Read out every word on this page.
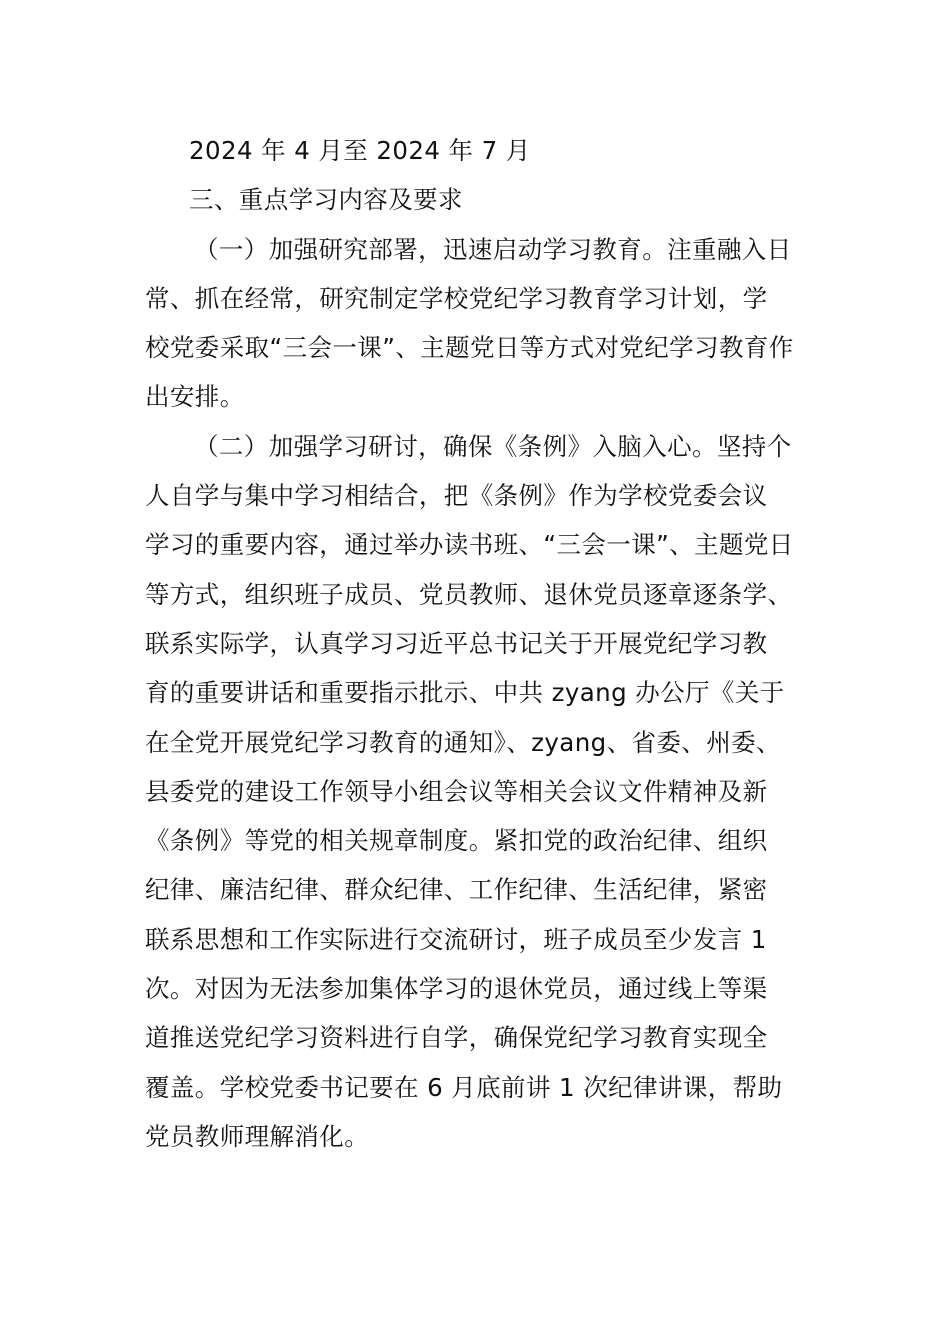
2024 年 4 月至 2024 年 7 月
三、重点学习内容及要求
（一）加强研究部署，迅速启动学习教育。注重融入日
常、抓在经常，研究制定学校党纪学习教育学习计划，学
校党委采取“三会一课”、主题党日等方式对党纪学习教育作
出安排。
（二）加强学习研讨，确保《条例》入脑入心。坚持个
人自学与集中学习相结合，把《条例》作为学校党委会议
学习的重要内容，通过举办读书班、“三会一课”、主题党日
等方式，组织班子成员、党员教师、退休党员逐章逐条学、
联系实际学，认真学习习近平总书记关于开展党纪学习教
育的重要讲话和重要指示批示、中共 zyang 办公厅《关于
在全党开展党纪学习教育的通知》、zyang、省委、州委、
县委党的建设工作领导小组会议等相关会议文件精神及新
《条例》等党的相关规章制度。紧扣党的政治纪律、组织
纪律、廉洁纪律、群众纪律、工作纪律、生活纪律，紧密
联系思想和工作实际进行交流研讨，班子成员至少发言 1
次。对因为无法参加集体学习的退休党员，通过线上等渠
道推送党纪学习资料进行自学，确保党纪学习教育实现全
覆盖。学校党委书记要在 6 月底前讲 1 次纪律讲课，帮助
党员教师理解消化。
